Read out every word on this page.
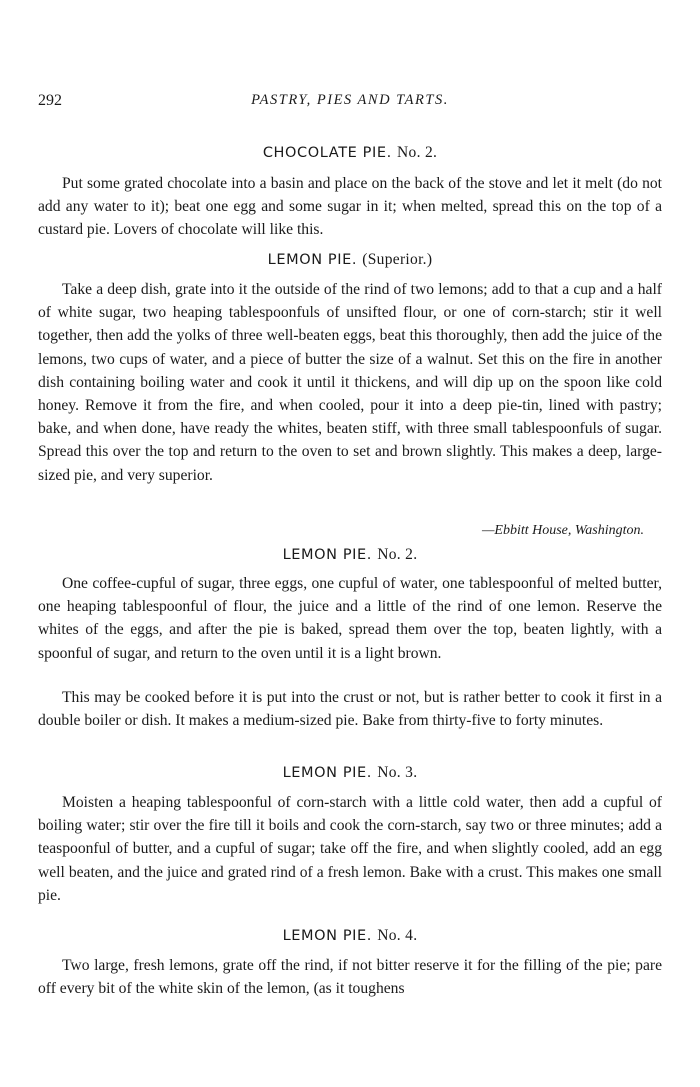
292	PASTRY, PIES AND TARTS.
CHOCOLATE PIE. No. 2.

Put some grated chocolate into a basin and place on the back of the stove and let it melt (do not add any water to it); beat one egg and some sugar in it; when melted, spread this on the top of a custard pie. Lovers of chocolate will like this.

LEMON PIE. (Superior.)

Take a deep dish, grate into it the outside of the rind of two lemons; add to that a cup and a half of white sugar, two heaping tablespoonfuls of unsifted flour, or one of corn-starch; stir it well together, then add the yolks of three well-beaten eggs, beat this thoroughly, then add the juice of the lemons, two cups of water, and a piece of butter the size of a walnut. Set this on the fire in another dish containing boiling water and cook it until it thickens, and will dip up on the spoon like cold honey. Remove it from the fire, and when cooled, pour it into a deep pie-tin, lined with pastry; bake, and when done, have ready the whites, beaten stiff, with three small tablespoonfuls of sugar. Spread this over the top and return to the oven to set and brown slightly. This makes a deep, large-sized pie, and very superior.

—Ebbitt House, Washington.
LEMON PIE. No. 2.

One coffee-cupful of sugar, three eggs, one cupful of water, one tablespoonful of melted butter, one heaping tablespoonful of flour, the juice and a little of the rind of one lemon. Reserve the whites of the eggs, and after the pie is baked, spread them over the top, beaten lightly, with a spoonful of sugar, and return to the oven until it is a light brown.

This may be cooked before it is put into the crust or not, but is rather better to cook it first in a double boiler or dish. It makes a medium-sized pie. Bake from thirty-five to forty minutes.

LEMON PIE. No. 3.

Moisten a heaping tablespoonful of corn-starch with a little cold water, then add a cupful of boiling water; stir over the fire till it boils and cook the corn-starch, say two or three minutes; add a teaspoonful of butter, and a cupful of sugar; take off the fire, and when slightly cooled, add an egg well beaten, and the juice and grated rind of a fresh lemon. Bake with a crust. This makes one small pie.

LEMON PIE. No. 4.

Two large, fresh lemons, grate off the rind, if not bitter reserve it for the filling of the pie; pare off every bit of the white skin of the lemon, (as it toughens
